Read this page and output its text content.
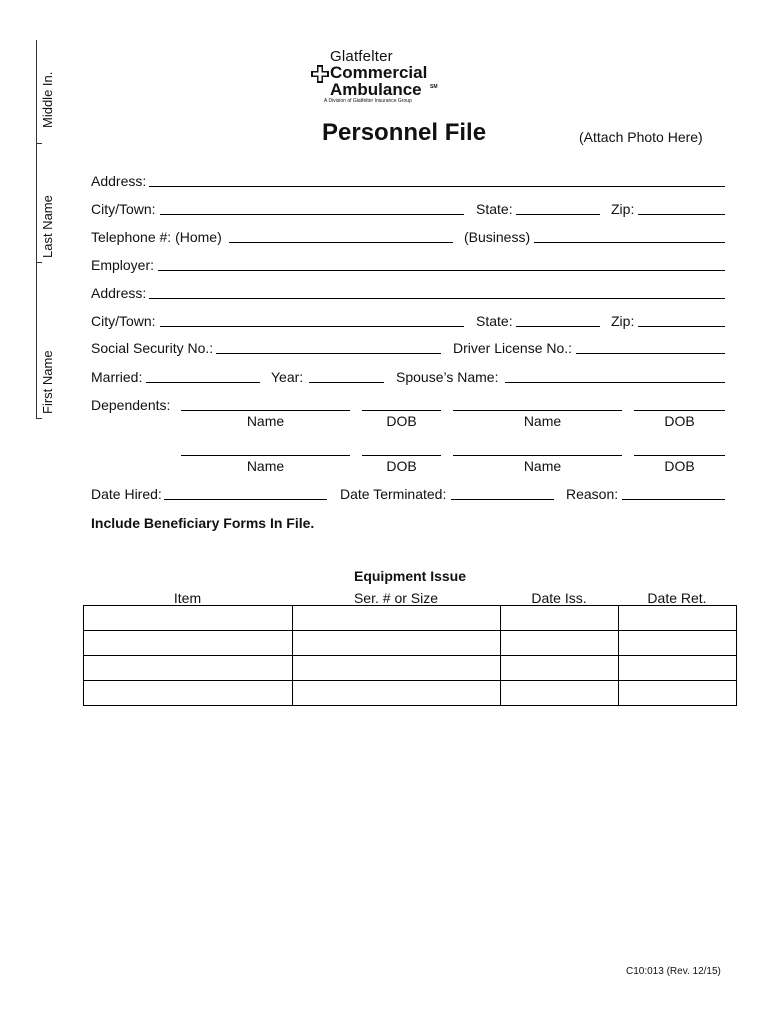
Middle In.
Last Name
First Name
Glatfelter
Commercial
Ambulance SM
A Division of Glatfelter Insurance Group
Personnel File	(Attach Photo Here)
Address:
City/Town:	State:	Zip:
Telephone #: (Home)	(Business)
Employer:
Address:
City/Town:	State:	Zip:
Social Security No.:	Driver License No.:
Married:	Year:	Spouse’s Name:
Dependents:
Name	DOB	Name	DOB
Name	DOB	Name	DOB
Date Hired:	Date Terminated:	Reason:
Include Beneficiary Forms In File.
Equipment Issue
Item	Ser. # or Size	Date Iss.	Date Ret.

C10:013 (Rev. 12/15)
